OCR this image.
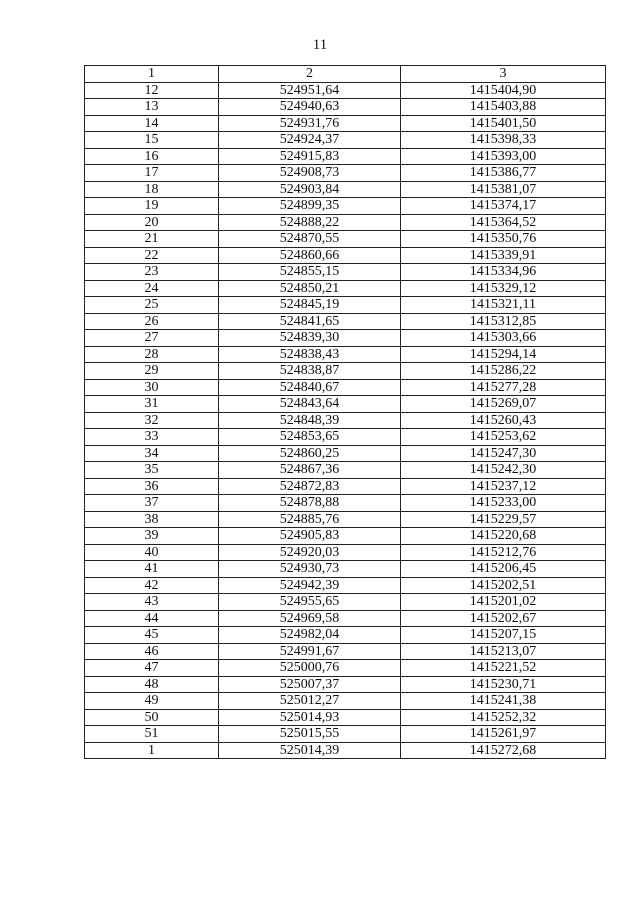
11
1	2	3
12	524951,64	1415404,90
13	524940,63	1415403,88
14	524931,76	1415401,50
15	524924,37	1415398,33
16	524915,83	1415393,00
17	524908,73	1415386,77
18	524903,84	1415381,07
19	524899,35	1415374,17
20	524888,22	1415364,52
21	524870,55	1415350,76
22	524860,66	1415339,91
23	524855,15	1415334,96
24	524850,21	1415329,12
25	524845,19	1415321,11
26	524841,65	1415312,85
27	524839,30	1415303,66
28	524838,43	1415294,14
29	524838,87	1415286,22
30	524840,67	1415277,28
31	524843,64	1415269,07
32	524848,39	1415260,43
33	524853,65	1415253,62
34	524860,25	1415247,30
35	524867,36	1415242,30
36	524872,83	1415237,12
37	524878,88	1415233,00
38	524885,76	1415229,57
39	524905,83	1415220,68
40	524920,03	1415212,76
41	524930,73	1415206,45
42	524942,39	1415202,51
43	524955,65	1415201,02
44	524969,58	1415202,67
45	524982,04	1415207,15
46	524991,67	1415213,07
47	525000,76	1415221,52
48	525007,37	1415230,71
49	525012,27	1415241,38
50	525014,93	1415252,32
51	525015,55	1415261,97
1	525014,39	1415272,68
